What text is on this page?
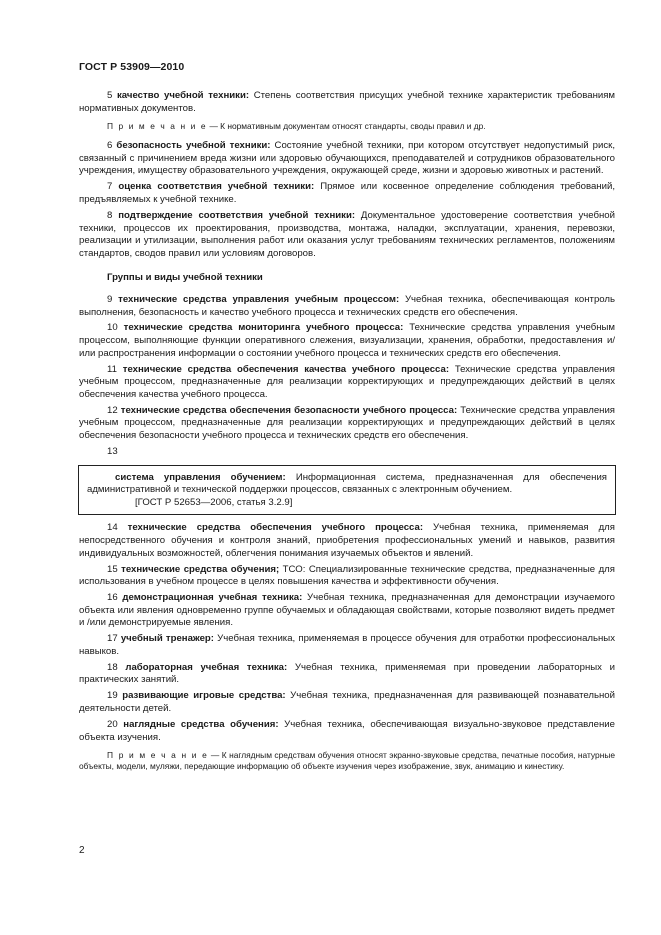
ГОСТ Р 53909—2010

5 качество учебной техники: Степень соответствия присущих учебной технике характеристик требованиям нормативных документов.

П р и м е ч а н и е — К нормативным документам относят стандарты, своды правил и др.

6 безопасность учебной техники: Состояние учебной техники, при котором отсутствует недопустимый риск, связанный с причинением вреда жизни или здоровью обучающихся, преподавателей и сотрудников образовательного учреждения, имуществу образовательного учреждения, окружающей среде, жизни и здоровью животных и растений.

7 оценка соответствия учебной техники: Прямое или косвенное определение соблюдения требований, предъявляемых к учебной технике.

8 подтверждение соответствия учебной техники: Документальное удостоверение соответствия учебной техники, процессов их проектирования, производства, монтажа, наладки, эксплуатации, хранения, перевозки, реализации и утилизации, выполнения работ или оказания услуг требованиям технических регламентов, положениям стандартов, сводов правил или условиям договоров.

Группы и виды учебной техники

9 технические средства управления учебным процессом: Учебная техника, обеспечивающая контроль выполнения, безопасность и качество учебного процесса и технических средств его обеспечения.

10 технические средства мониторинга учебного процесса: Технические средства управления учебным процессом, выполняющие функции оперативного слежения, визуализации, хранения, обработки, предоставления и/или распространения информации о состоянии учебного процесса и технических средств его обеспечения.

11 технические средства обеспечения качества учебного процесса: Технические средства управления учебным процессом, предназначенные для реализации корректирующих и предупреждающих действий в целях обеспечения качества учебного процесса.

12 технические средства обеспечения безопасности учебного процесса: Технические средства управления учебным процессом, предназначенные для реализации корректирующих и предупреждающих действий в целях обеспечения безопасности учебного процесса и технических средств его обеспечения.

13

система управления обучением: Информационная система, предназначенная для обеспечения административной и технической поддержки процессов, связанных с электронным обучением.

[ГОСТ Р 52653—2006, статья 3.2.9]

14 технические средства обеспечения учебного процесса: Учебная техника, применяемая для непосредственного обучения и контроля знаний, приобретения профессиональных умений и навыков, развития индивидуальных возможностей, облегчения понимания изучаемых объектов и явлений.

15 технические средства обучения; ТСО: Специализированные технические средства, предназначенные для использования в учебном процессе в целях повышения качества и эффективности обучения.

16 демонстрационная учебная техника: Учебная техника, предназначенная для демонстрации изучаемого объекта или явления одновременно группе обучаемых и обладающая свойствами, которые позволяют видеть предмет и /или демонстрируемые явления.

17 учебный тренажер: Учебная техника, применяемая в процессе обучения для отработки профессиональных навыков.

18 лабораторная учебная техника: Учебная техника, применяемая при проведении лабораторных и практических занятий.

19 развивающие игровые средства: Учебная техника, предназначенная для развивающей познавательной деятельности детей.

20 наглядные средства обучения: Учебная техника, обеспечивающая визуально-звуковое представление объекта изучения.

П р и м е ч а н и е — К наглядным средствам обучения относят экранно-звуковые средства, печатные пособия, натурные объекты, модели, муляжи, передающие информацию об объекте изучения через изображение, звук, анимацию и кинестику.

2
